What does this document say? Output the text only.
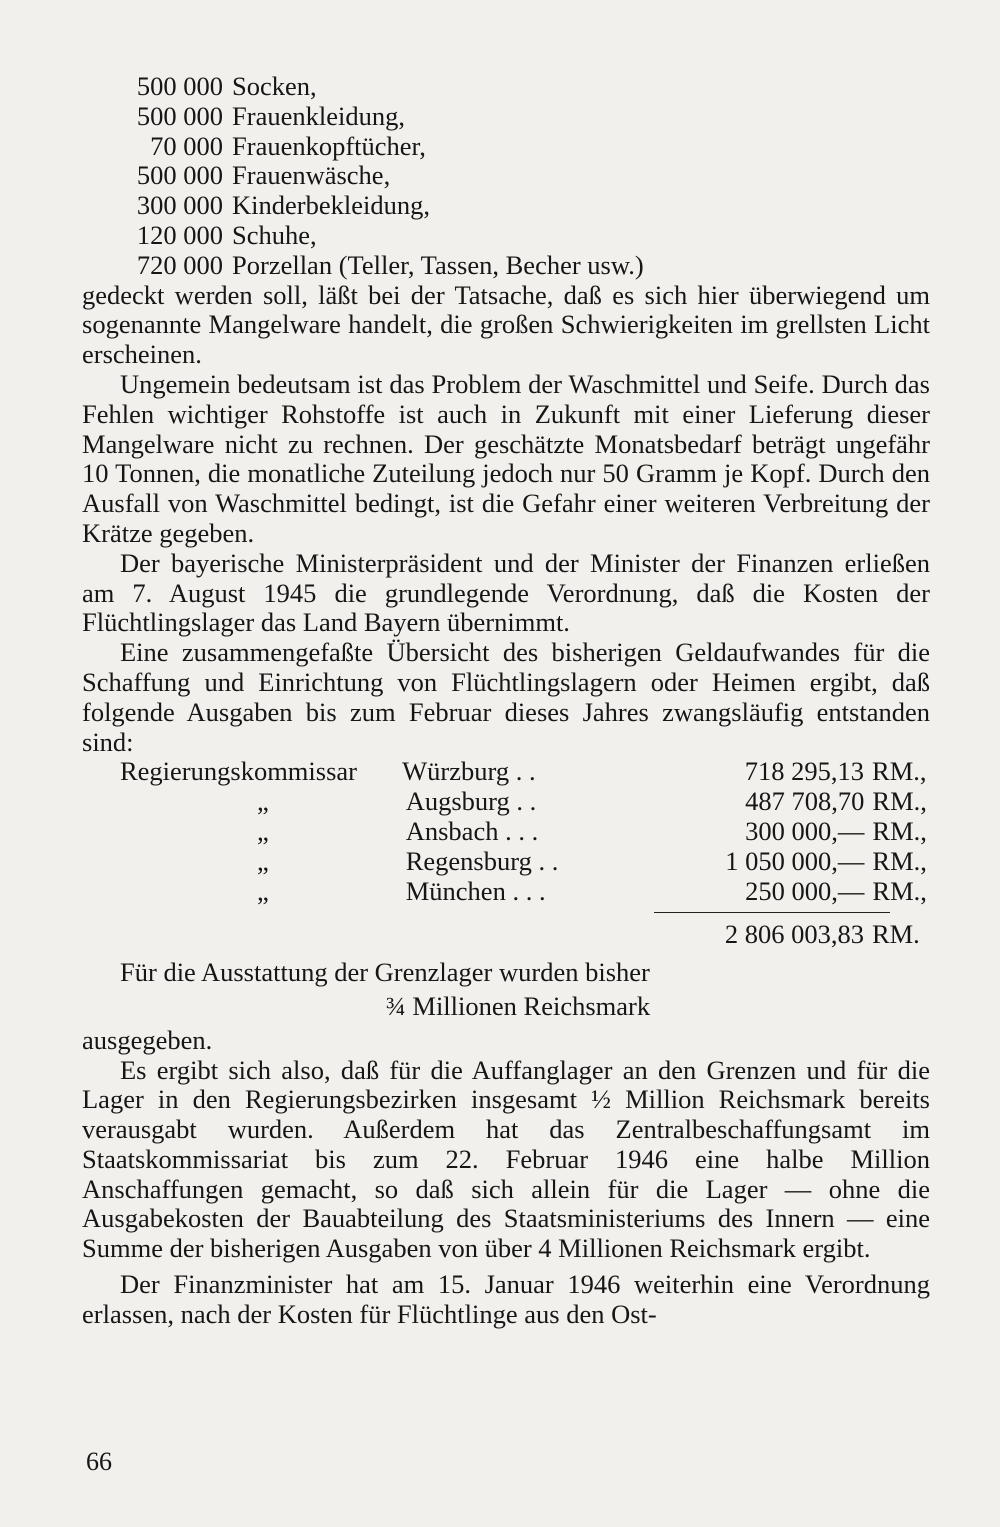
500 000 Socken,
500 000 Frauenkleidung,
70 000 Frauenkopftücher,
500 000 Frauenwäsche,
300 000 Kinderbekleidung,
120 000 Schuhe,
720 000 Porzellan (Teller, Tassen, Becher usw.)

gedeckt werden soll, läßt bei der Tatsache, daß es sich hier überwiegend um sogenannte Mangelware handelt, die großen Schwierigkeiten im grellsten Licht erscheinen.

Ungemein bedeutsam ist das Problem der Waschmittel und Seife. Durch das Fehlen wichtiger Rohstoffe ist auch in Zukunft mit einer Lieferung dieser Mangelware nicht zu rechnen. Der geschätzte Monatsbedarf beträgt ungefähr 10 Tonnen, die monatliche Zuteilung jedoch nur 50 Gramm je Kopf. Durch den Ausfall von Waschmittel bedingt, ist die Gefahr einer weiteren Verbreitung der Krätze gegeben.

Der bayerische Ministerpräsident und der Minister der Finanzen erließen am 7. August 1945 die grundlegende Verordnung, daß die Kosten der Flüchtlingslager das Land Bayern übernimmt.

Eine zusammengefaßte Übersicht des bisherigen Geldaufwandes für die Schaffung und Einrichtung von Flüchtlingslagern oder Heimen ergibt, daß folgende Ausgaben bis zum Februar dieses Jahres zwangsläufig entstanden sind:

Regierungskommissar	Würzburg . .	718 295,13 RM.,
„	Augsburg . .	487 708,70 RM.,
„	Ansbach . . .	300 000,— RM.,
„	Regensburg . .	1 050 000,— RM.,
„	München . . .	250 000,— RM.,
2 806 003,83 RM.

Für die Ausstattung der Grenzlager wurden bisher

¾ Millionen Reichsmark

ausgegeben.

Es ergibt sich also, daß für die Auffanglager an den Grenzen und für die Lager in den Regierungsbezirken insgesamt ½ Million Reichsmark bereits verausgabt wurden. Außerdem hat das Zentralbeschaffungsamt im Staatskommissariat bis zum 22. Februar 1946 eine halbe Million Anschaffungen gemacht, so daß sich allein für die Lager — ohne die Ausgabekosten der Bauabteilung des Staatsministeriums des Innern — eine Summe der bisherigen Ausgaben von über 4 Millionen Reichsmark ergibt.

Der Finanzminister hat am 15. Januar 1946 weiterhin eine Verordnung erlassen, nach der Kosten für Flüchtlinge aus den Ost-

66
